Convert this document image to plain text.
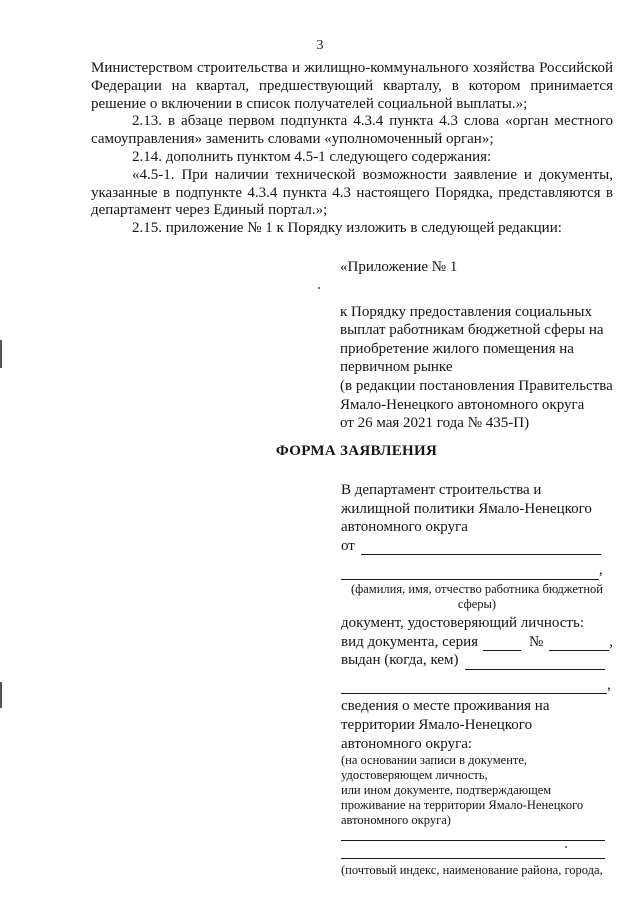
3

Министерством строительства и жилищно-коммунального хозяйства Российской Федерации на квартал, предшествующий кварталу, в котором принимается решение о включении в список получателей социальной выплаты.»;

2.13. в абзаце первом подпункта 4.3.4 пункта 4.3 слова «орган местного самоуправления» заменить словами «уполномоченный орган»;

2.14. дополнить пунктом 4.5-1 следующего содержания:

«4.5-1. При наличии технической возможности заявление и документы, указанные в подпункте 4.3.4 пункта 4.3 настоящего Порядка, представляются в департамент через Единый портал.»;

2.15. приложение № 1 к Порядку изложить в следующей редакции:

«Приложение № 1
к Порядку предоставления социальных
выплат работникам бюджетной сферы на
приобретение жилого помещения на
первичном рынке
(в редакции постановления Правительства
Ямало-Ненецкого автономного округа
от 26 мая 2021 года № 435-П)
ФОРМА ЗАЯВЛЕНИЯ
В департамент строительства и
жилищной политики Ямало-Ненецкого
автономного округа
от
,
(фамилия, имя, отчество работника бюджетной сферы)
документ, удостоверяющий личность:
вид документа, серия	№	,
выдан (когда, кем)
,
сведения о месте проживания на
территории Ямало-Ненецкого
автономного округа:
(на основании записи в документе,
удостоверяющем личность,
или ином документе, подтверждающем
проживание на территории Ямало-Ненецкого
автономного округа)
(почтовый индекс, наименование района, города,
